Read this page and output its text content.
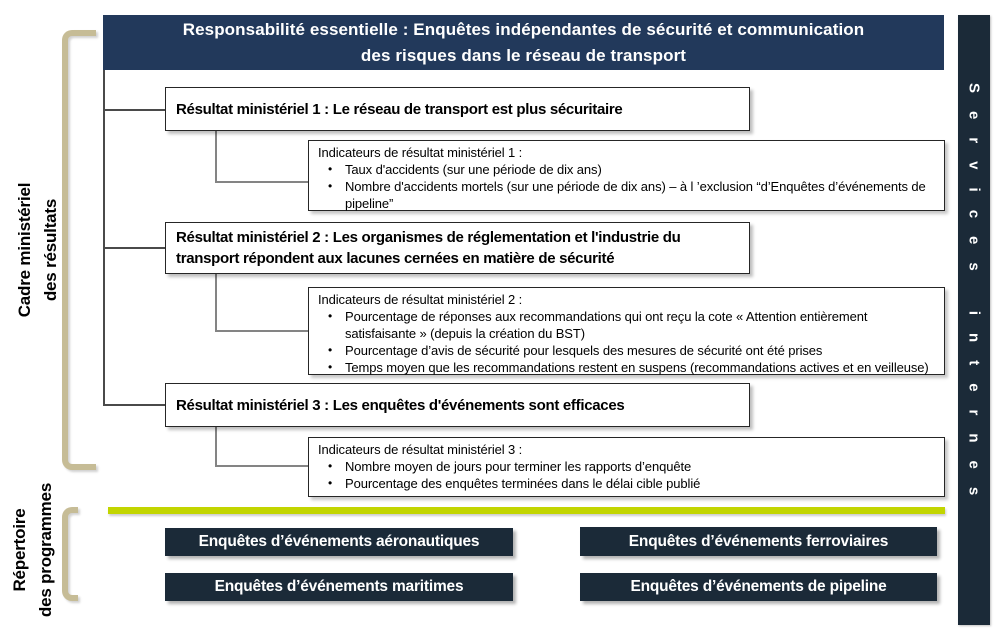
Cadre ministériel des résultats
Répertoire des programmes
Responsabilité essentielle : Enquêtes indépendantes de sécurité et communication
des risques dans le réseau de transport
Services internes
Résultat ministériel 1 : Le réseau de transport est plus sécuritaire
Résultat ministériel 2 : Les organismes de réglementation et l'industrie du transport répondent aux lacunes cernées en matière de sécurité
Résultat ministériel 3 : Les enquêtes d'événements sont efficaces
Indicateurs de résultat ministériel 1 :
• Taux d'accidents (sur une période de dix ans)
• Nombre d'accidents mortels (sur une période de dix ans) – à l ’exclusion “d’Enquêtes d’événements de pipeline”
Indicateurs de résultat ministériel 2 :
• Pourcentage de réponses aux recommandations qui ont reçu la cote « Attention entièrement satisfaisante » (depuis la création du BST)
• Pourcentage d’avis de sécurité pour lesquels des mesures de sécurité ont été prises
• Temps moyen que les recommandations restent en suspens (recommandations actives et en veilleuse)
Indicateurs de résultat ministériel 3 :
• Nombre moyen de jours pour terminer les rapports d’enquête
• Pourcentage des enquêtes terminées dans le délai cible publié
Enquêtes d’événements aéronautiques	Enquêtes d’événements ferroviaires
Enquêtes d’événements maritimes	Enquêtes d’événements de pipeline
